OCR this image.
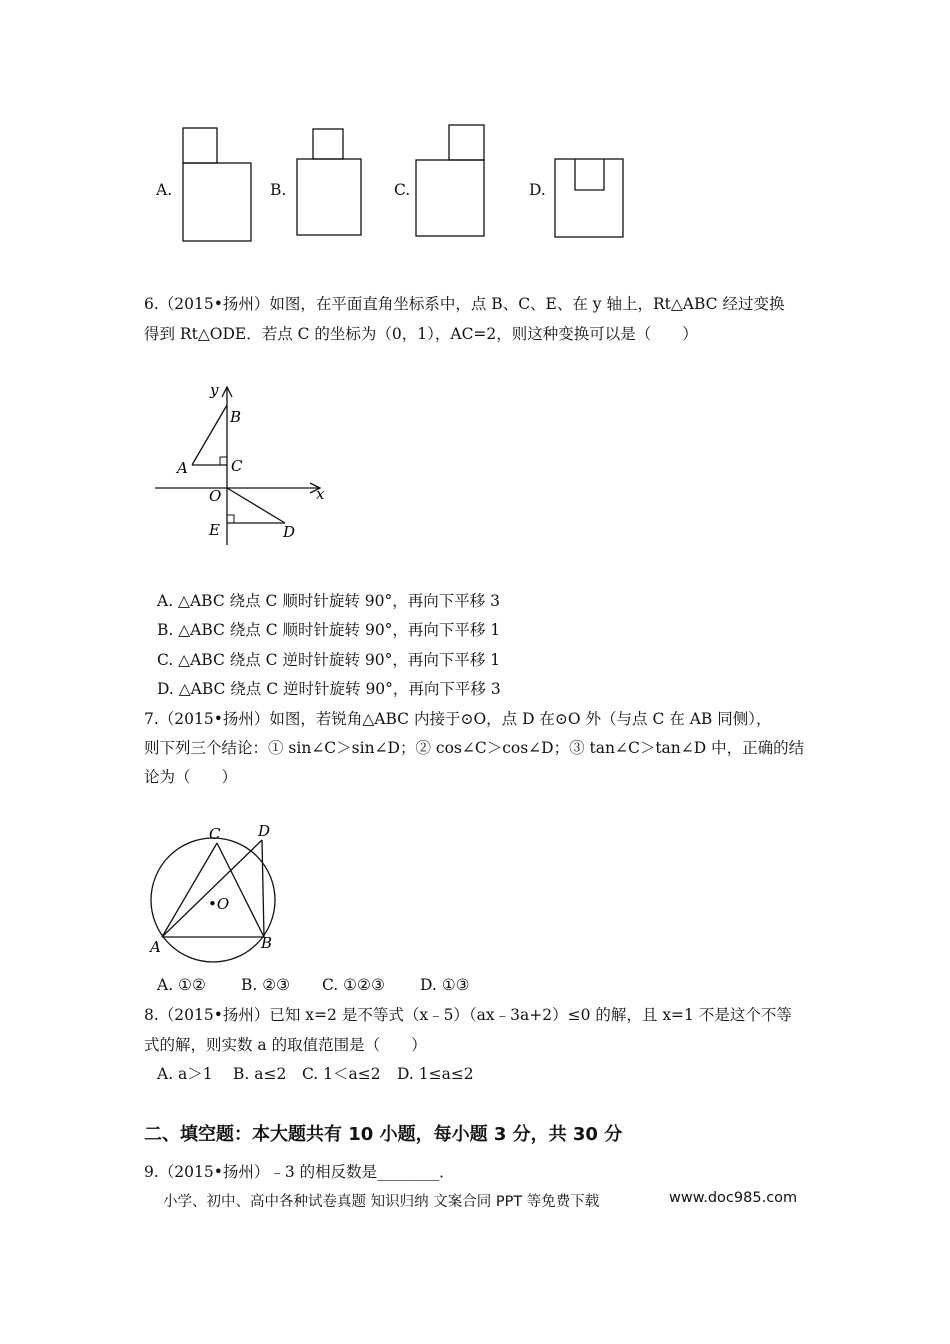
A.	B.	C.	D.
6.（2015•扬州）如图，在平面直角坐标系中，点 B、C、E、在 y 轴上，Rt△ABC 经过变换
得到 Rt△ODE．若点 C 的坐标为（0，1），AC=2，则这种变换可以是（　　）
y
B
A	C
O	x
E	D
A. △ABC 绕点 C 顺时针旋转 90°，再向下平移 3
B. △ABC 绕点 C 顺时针旋转 90°，再向下平移 1
C. △ABC 绕点 C 逆时针旋转 90°，再向下平移 1
D. △ABC 绕点 C 逆时针旋转 90°，再向下平移 3
7.（2015•扬州）如图，若锐角△ABC 内接于⊙O，点 D 在⊙O 外（与点 C 在 AB 同侧），
则下列三个结论：① sin∠C＞sin∠D；② cos∠C＞cos∠D；③ tan∠C＞tan∠D 中，正确的结
论为（　　）
C	D
•O
A	B
A. ①② B. ②③ C. ①②③ D. ①③
8.（2015•扬州）已知 x=2 是不等式（x﹣5）（ax﹣3a+2）≤0 的解，且 x=1 不是这个不等
式的解，则实数 a 的取值范围是（　　）
A. a＞1 B. a≤2 C. 1＜a≤2 D. 1≤a≤2
二、填空题：本大题共有 10 小题，每小题 3 分，共 30 分
9.（2015•扬州）﹣3 的相反数是________．
小学、初中、高中各种试卷真题 知识归纳 文案合同 PPT 等免费下载	www.doc985.com
